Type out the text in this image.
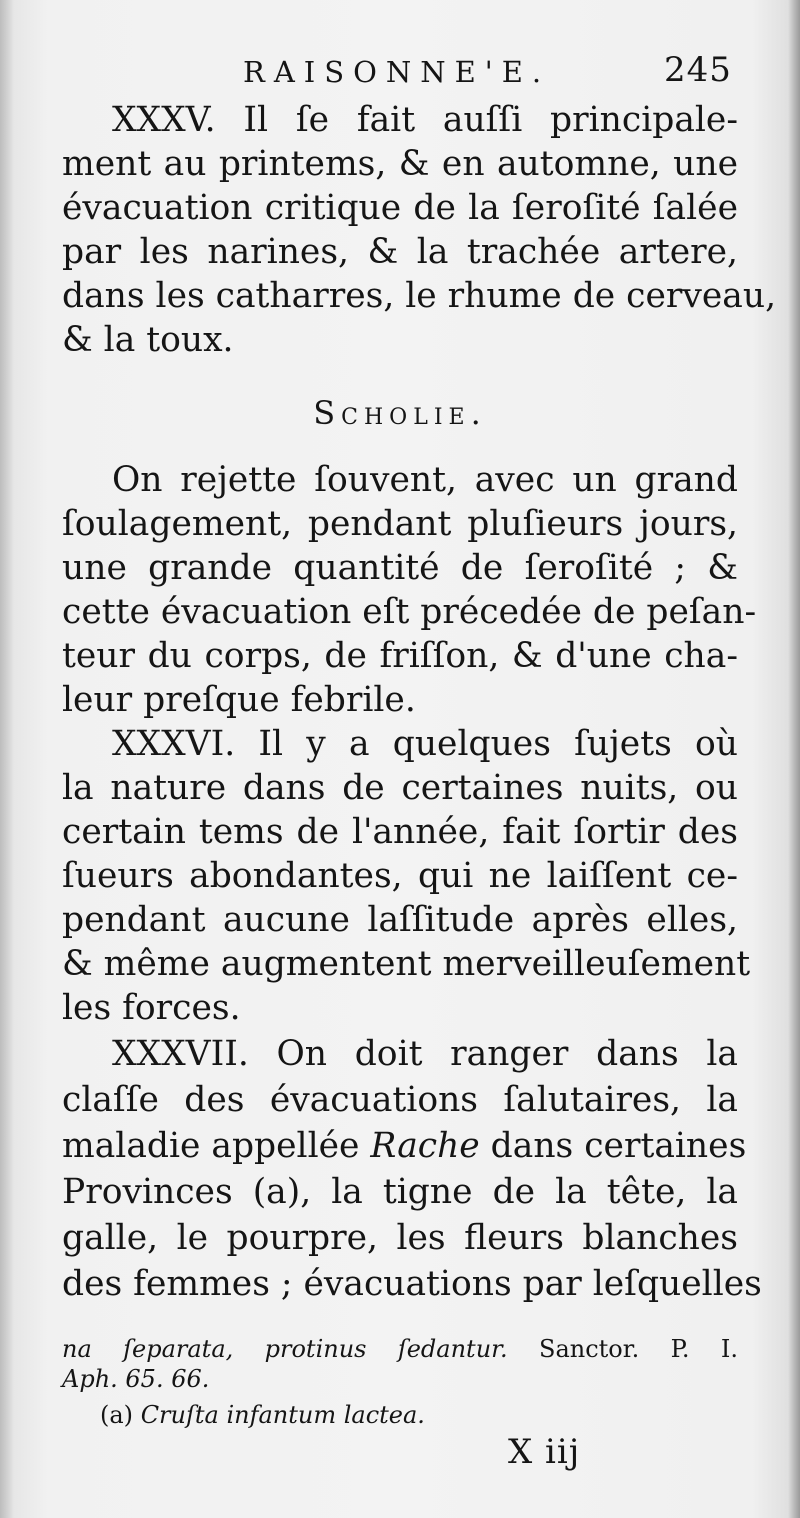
RAISONNE'E.	245
XXXV. Il ſe fait auſſi principale-
ment au printems, & en automne, une
évacuation critique de la ſeroſité ſalée
par les narines, & la trachée artere,
dans les catharres, le rhume de cerveau,
& la toux.
Scholie.
On rejette ſouvent, avec un grand
ſoulagement, pendant pluſieurs jours,
une grande quantité de ſeroſité ; &
cette évacuation eſt précedée de peſan-
teur du corps, de friſſon, & d'une cha-
leur preſque febrile.
XXXVI. Il y a quelques ſujets où
la nature dans de certaines nuits, ou
certain tems de l'année, fait ſortir des
ſueurs abondantes, qui ne laiſſent ce-
pendant aucune laſſitude après elles,
& même augmentent merveilleuſement
les forces.
XXXVII. On doit ranger dans la
claſſe des évacuations ſalutaires, la
maladie appellée Rache dans certaines
Provinces (a), la tigne de la tête, la
galle, le pourpre, les fleurs blanches
des femmes ; évacuations par leſquelles
na ſeparata, protinus ſedantur. Sanctor. P. I.
Aph. 65. 66.
(a) Cruſta infantum lactea.
X iij
